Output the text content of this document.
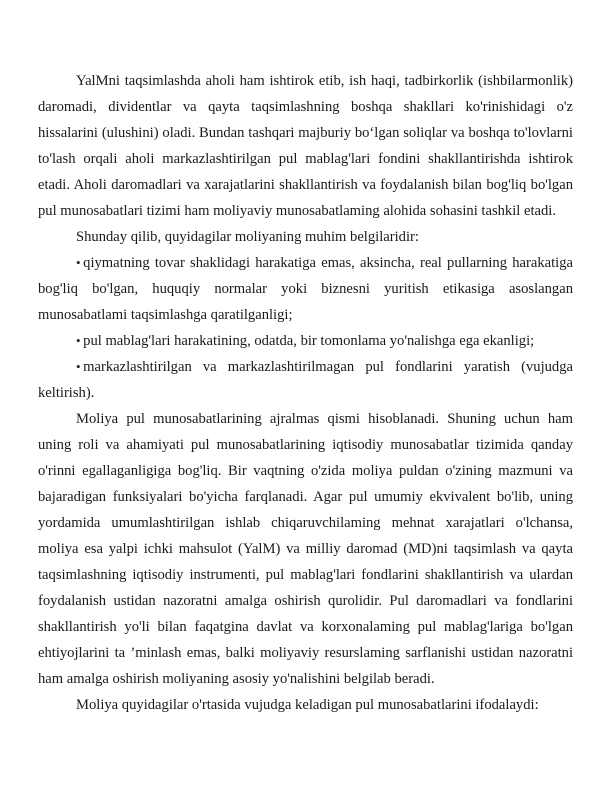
YalMni taqsimlashda aholi ham ishtirok etib, ish haqi, tadbirkorlik (ishbilarmonlik) daromadi, dividentlar va qayta taqsimlashning boshqa shakllari ko'rinishidagi o'z hissalarini (ulushini) oladi. Bundan tashqari majburiy bo‘lgan soliqlar va boshqa to'lovlarni to'lash orqali aholi markazlashtirilgan pul mablag'lari fondini shakllantirishda ishtirok etadi. Aholi daromadlari va xarajatlarini shakllantirish va foydalanish bilan bog'liq bo'lgan pul munosabatlari tizimi ham moliyaviy munosabatlaming alohida sohasini tashkil etadi.

Shunday qilib, quyidagilar moliyaning muhim belgilaridir:

• qiymatning tovar shaklidagi harakatiga emas, aksincha, real pullarning harakatiga bog'liq bo'lgan, huquqiy normalar yoki biznesni yuritish etikasiga asoslangan munosabatlami taqsimlashga qaratilganligi;

• pul mablag'lari harakatining, odatda, bir tomonlama yo'nalishga ega ekanligi;

• markazlashtirilgan va markazlashtirilmagan pul fondlarini yaratish (vujudga keltirish).

Moliya pul munosabatlarining ajralmas qismi hisoblanadi. Shuning uchun ham uning roli va ahamiyati pul munosabatlarining iqtisodiy munosabatlar tizimida qanday o'rinni egallaganligiga bog'liq. Bir vaqtning o'zida moliya puldan o'zining mazmuni va bajaradigan funksiyalari bo'yicha farqlanadi. Agar pul umumiy ekvivalent bo'lib, uning yordamida umumlashtirilgan ishlab chiqaruvchilaming mehnat xarajatlari o'lchansa, moliya esa yalpi ichki mahsulot (YalM) va milliy daromad (MD)ni taqsimlash va qayta taqsimlashning iqtisodiy instrumenti, pul mablag'lari fondlarini shakllantirish va ulardan foydalanish ustidan nazoratni amalga oshirish qurolidir. Pul daromadlari va fondlarini shakllantirish yo'li bilan faqatgina davlat va korxonalaming pul mablag'lariga bo'lgan ehtiyojlarini ta ’minlash emas, balki moliyaviy resurslaming sarflanishi ustidan nazoratni ham amalga oshirish moliyaning asosiy yo'nalishini belgilab beradi.

Moliya quyidagilar o'rtasida vujudga keladigan pul munosabatlarini ifodalaydi:
